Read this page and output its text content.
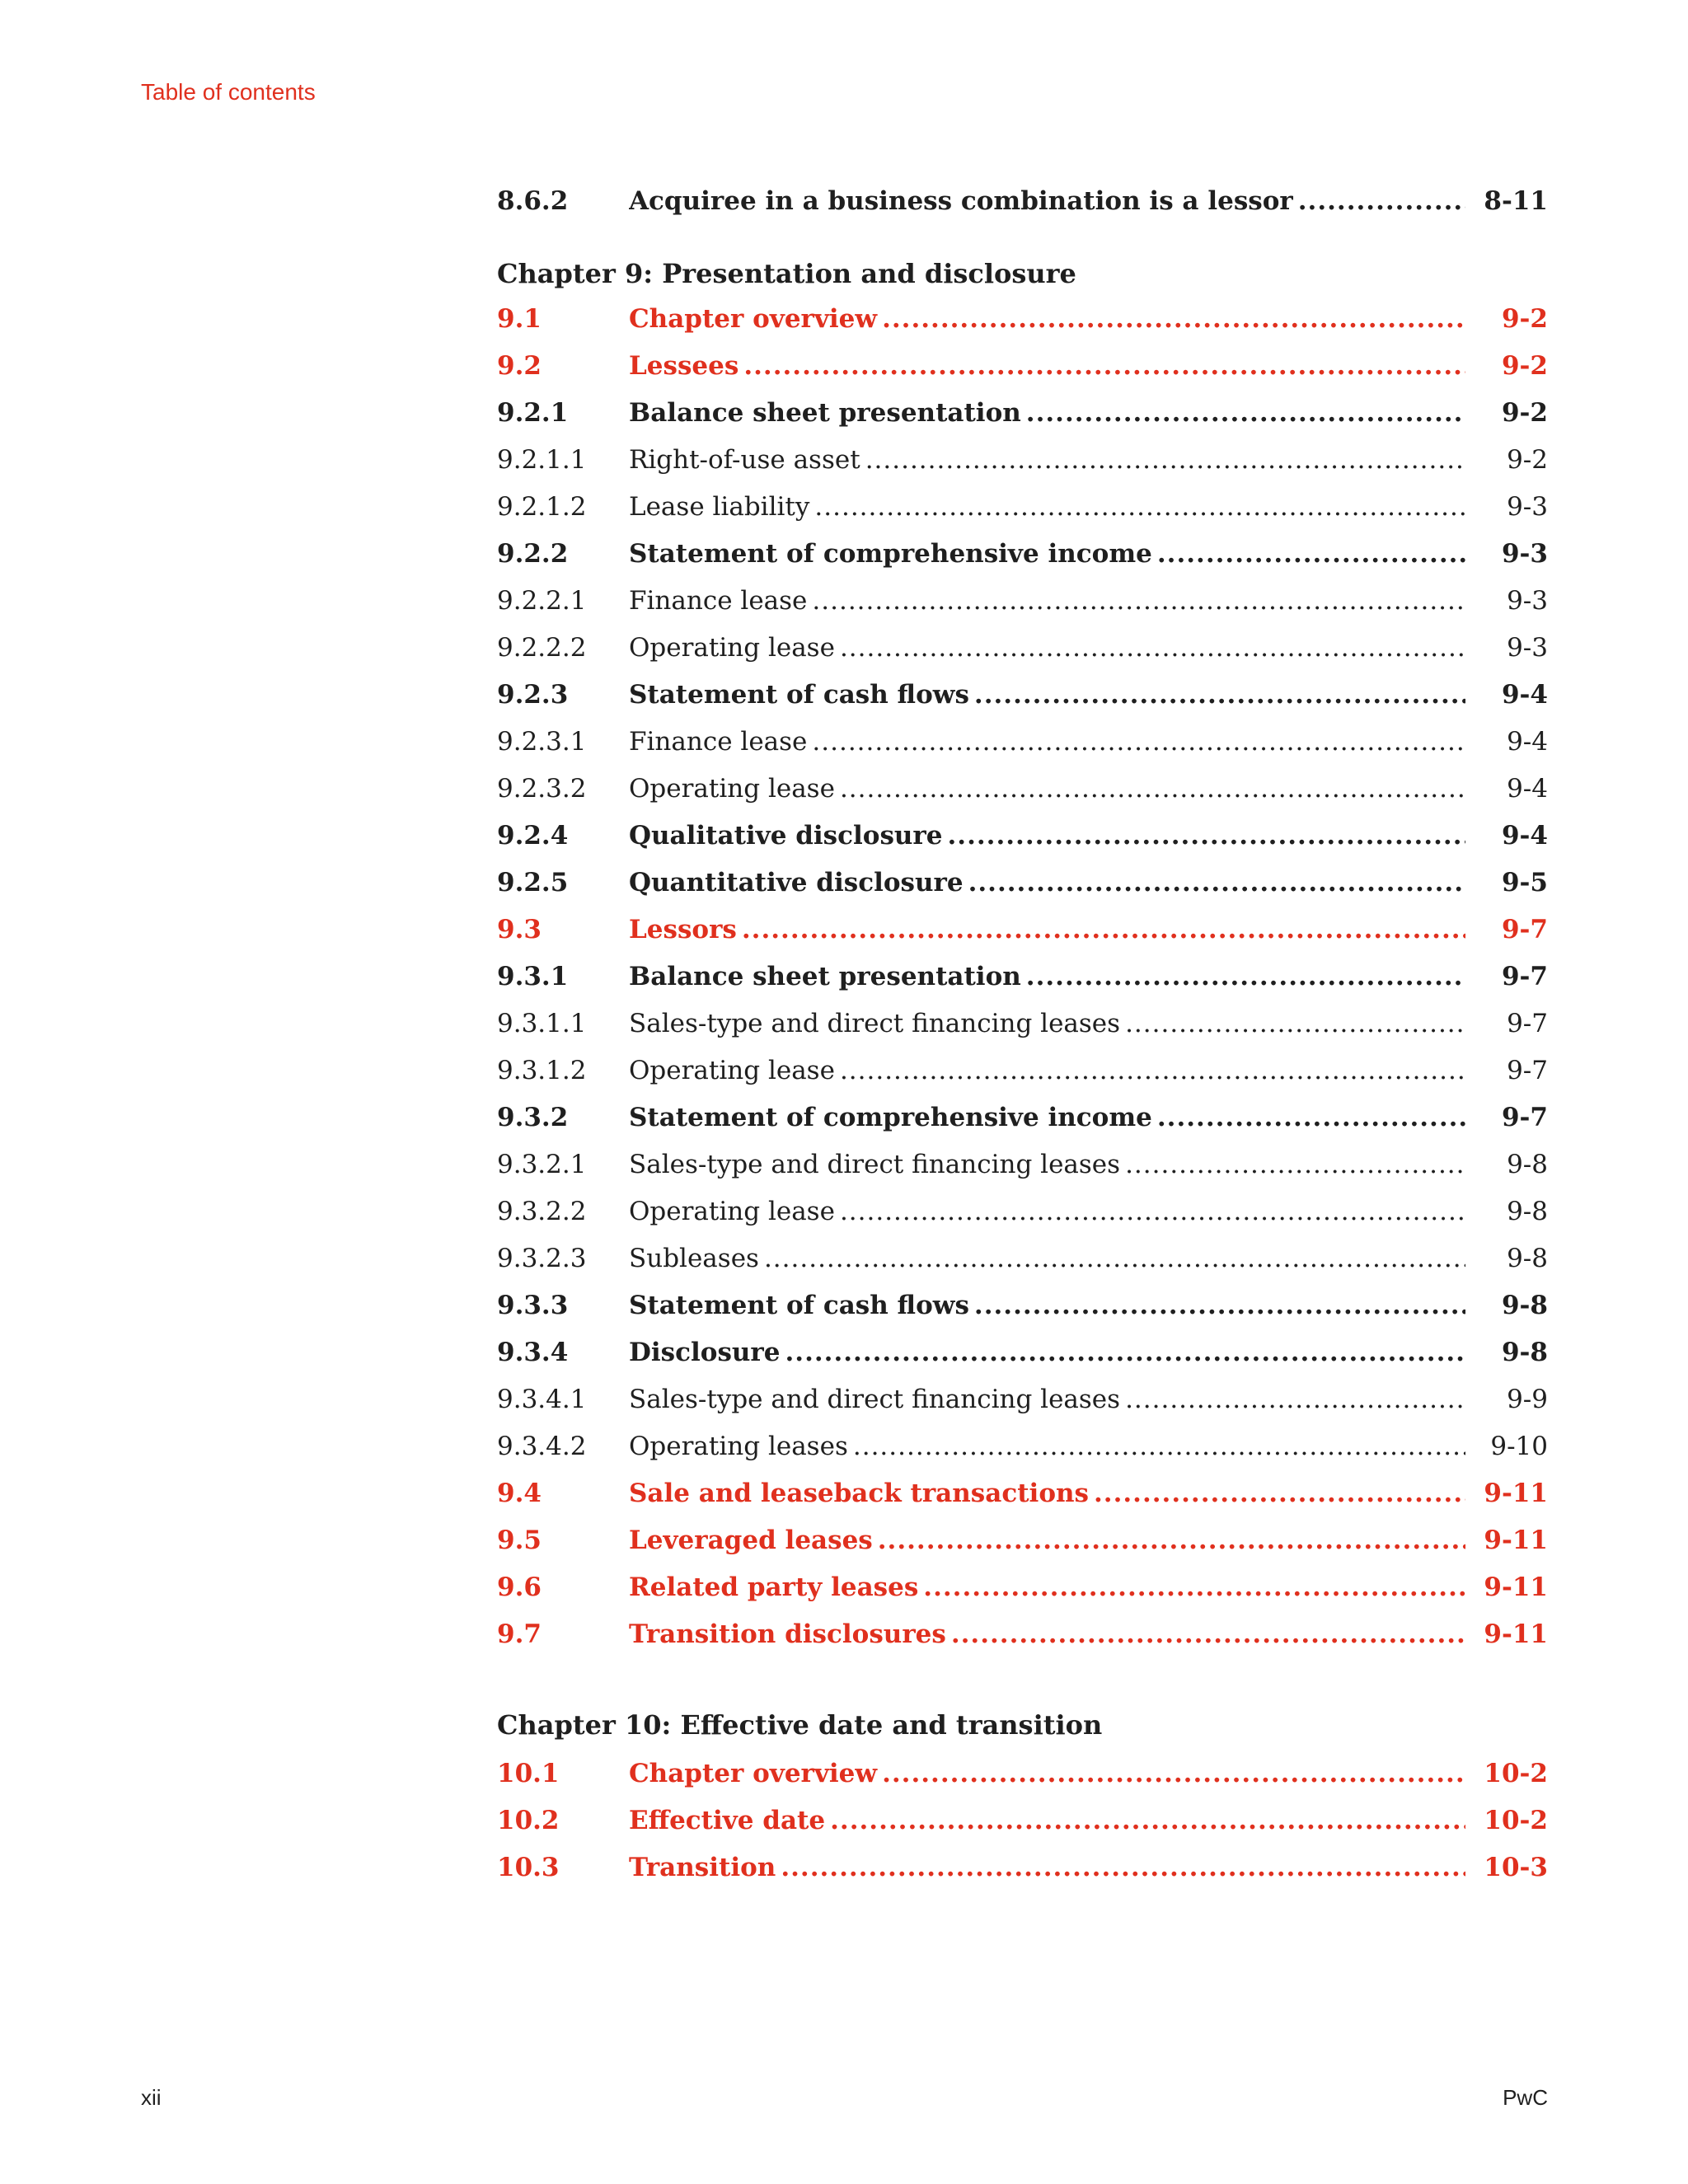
Table of contents
8.6.2	Acquiree in a business combination is a lessor .....	8-11
Chapter 9: Presentation and disclosure
9.1	Chapter overview .....	9-2
9.2	Lessees .....	9-2
9.2.1	Balance sheet presentation .....	9-2
9.2.1.1	Right-of-use asset .....	9-2
9.2.1.2	Lease liability .....	9-3
9.2.2	Statement of comprehensive income .....	9-3
9.2.2.1	Finance lease .....	9-3
9.2.2.2	Operating lease .....	9-3
9.2.3	Statement of cash flows .....	9-4
9.2.3.1	Finance lease .....	9-4
9.2.3.2	Operating lease .....	9-4
9.2.4	Qualitative disclosure .....	9-4
9.2.5	Quantitative disclosure .....	9-5
9.3	Lessors .....	9-7
9.3.1	Balance sheet presentation .....	9-7
9.3.1.1	Sales-type and direct financing leases .....	9-7
9.3.1.2	Operating lease .....	9-7
9.3.2	Statement of comprehensive income .....	9-7
9.3.2.1	Sales-type and direct financing leases .....	9-8
9.3.2.2	Operating lease .....	9-8
9.3.2.3	Subleases .....	9-8
9.3.3	Statement of cash flows .....	9-8
9.3.4	Disclosure .....	9-8
9.3.4.1	Sales-type and direct financing leases .....	9-9
9.3.4.2	Operating leases .....	9-10
9.4	Sale and leaseback transactions .....	9-11
9.5	Leveraged leases .....	9-11
9.6	Related party leases .....	9-11
9.7	Transition disclosures .....	9-11
Chapter 10: Effective date and transition
10.1	Chapter overview .....	10-2
10.2	Effective date .....	10-2
10.3	Transition .....	10-3
xii	PwC
